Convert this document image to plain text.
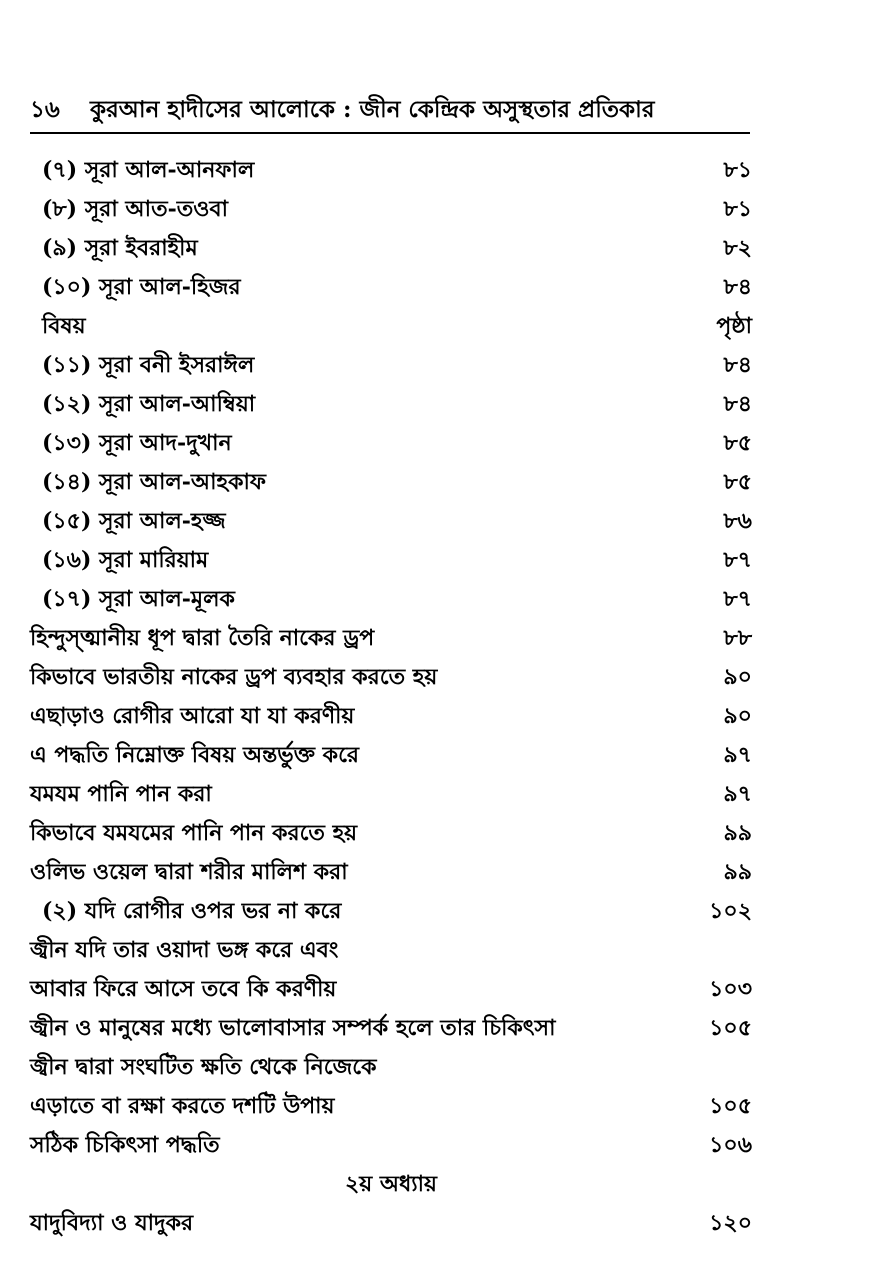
১৬	কুরআন হাদীসের আলোকে : জীন কেন্দ্রিক অসুস্থতার প্রতিকার
(৭) সূরা আল-আনফাল	৮১
(৮) সূরা আত-তওবা	৮১
(৯) সূরা ইবরাহীম	৮২
(১০) সূরা আল-হিজর	৮৪
বিষয়	পৃষ্ঠা
(১১) সূরা বনী ইসরাঈল	৮৪
(১২) সূরা আল-আম্বিয়া	৮৪
(১৩) সূরা আদ-দুখান	৮৫
(১৪) সূরা আল-আহকাফ	৮৫
(১৫) সূরা আল-হজ্জ	৮৬
(১৬) সূরা মারিয়াম	৮৭
(১৭) সূরা আল-মূলক	৮৭
হিন্দুস্ত্মানীয় ধূপ দ্বারা তৈরি নাকের ড্রপ	৮৮
কিভাবে ভারতীয় নাকের ড্রপ ব্যবহার করতে হয়	৯০
এছাড়াও রোগীর আরো যা যা করণীয়	৯০
এ পদ্ধতি নিম্নোক্ত বিষয় অন্তর্ভুক্ত করে	৯৭
যমযম পানি পান করা	৯৭
কিভাবে যমযমের পানি পান করতে হয়	৯৯
ওলিভ ওয়েল দ্বারা শরীর মালিশ করা	৯৯
(২) যদি রোগীর ওপর ভর না করে	১০২
জ্বীন যদি তার ওয়াদা ভঙ্গ করে এবং
আবার ফিরে আসে তবে কি করণীয়	১০৩
জ্বীন ও মানুষের মধ্যে ভালোবাসার সম্পর্ক হলে তার চিকিৎসা	১০৫
জ্বীন দ্বারা সংঘটিত ক্ষতি থেকে নিজেকে
এড়াতে বা রক্ষা করতে দশটি উপায়	১০৫
সঠিক চিকিৎসা পদ্ধতি	১০৬
২য় অধ্যায়
যাদুবিদ্যা ও যাদুকর	১২০
